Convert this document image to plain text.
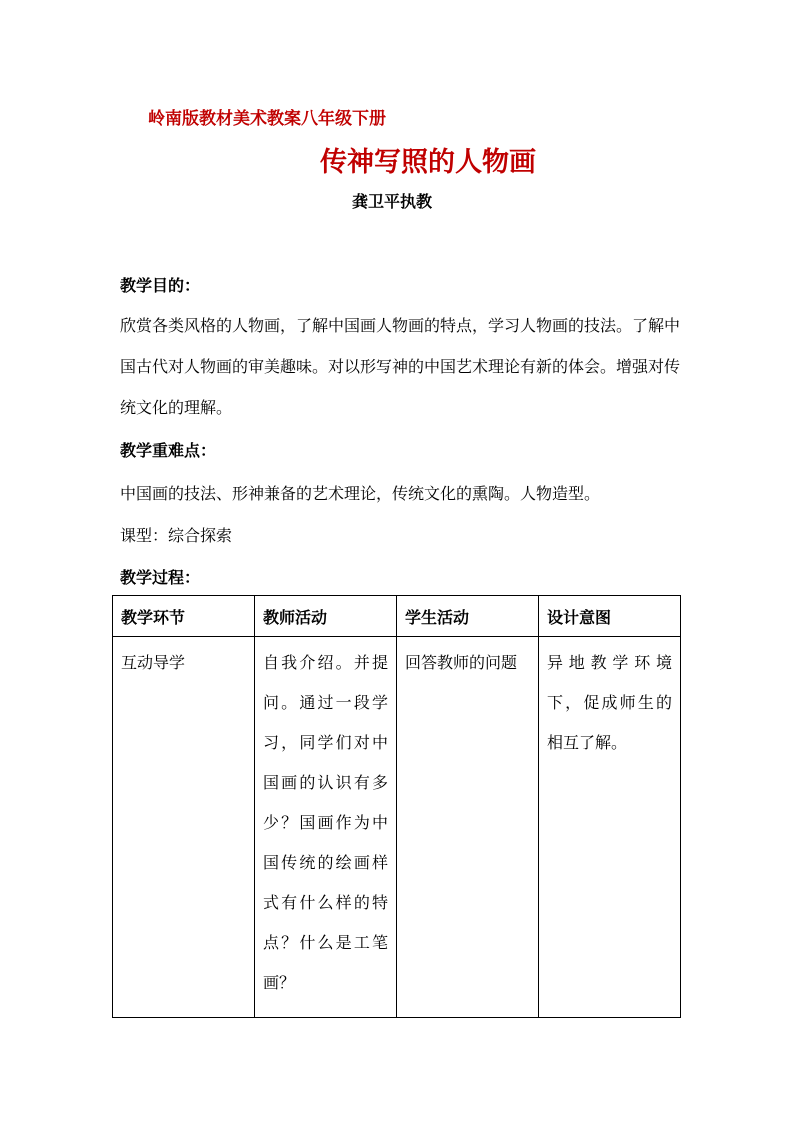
岭南版教材美术教案八年级下册
传神写照的人物画
龚卫平执教
教学目的：
欣赏各类风格的人物画，了解中国画人物画的特点，学习人物画的技法。了解中国古代对人物画的审美趣味。对以形写神的中国艺术理论有新的体会。增强对传统文化的理解。
教学重难点：
中国画的技法、形神兼备的艺术理论，传统文化的熏陶。人物造型。
课型：综合探索
教学过程：
教学环节	教师活动	学生活动	设计意图

互动导学	自我介绍。并提问。通过一段学习，同学们对中国画的认识有多少？国画作为中国传统的绘画样式有什么样的特点？什么是工笔画？	回答教师的问题	异地教学环境下，促成师生的相互了解。
